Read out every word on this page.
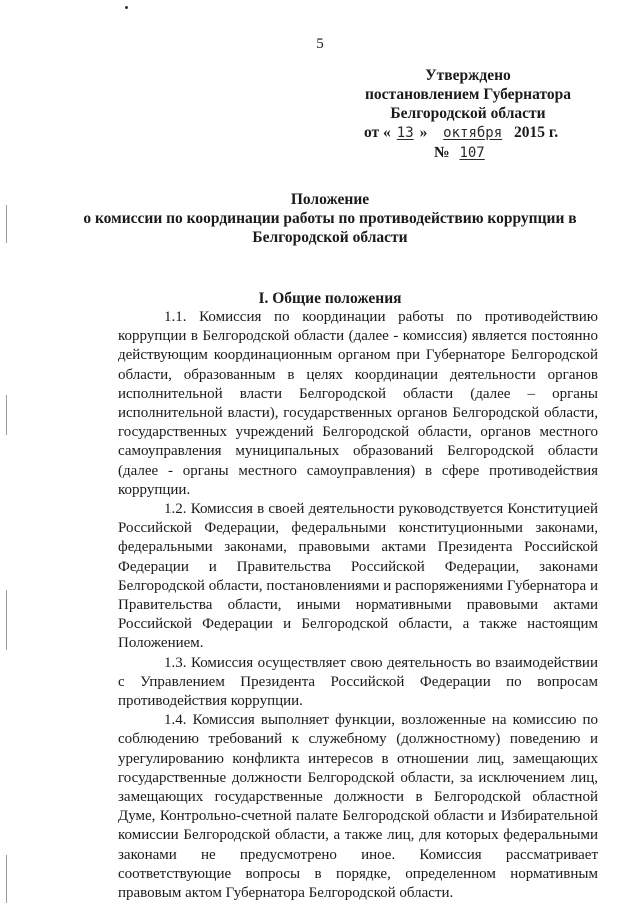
5
Утверждено
постановлением Губернатора
Белгородской области
от « 13 » октября 2015 г.
№ 107
Положение
о комиссии по координации работы по противодействию коррупции в
Белгородской области
I. Общие положения

1.1. Комиссия по координации работы по противодействию коррупции в Белгородской области (далее - комиссия) является постоянно действующим координационным органом при Губернаторе Белгородской области, образованным в целях координации деятельности органов исполнительной власти Белгородской области (далее – органы исполнительной власти), государственных органов Белгородской области, государственных учреждений Белгородской области, органов местного самоуправления муниципальных образований Белгородской области (далее - органы местного самоуправления) в сфере противодействия коррупции.

1.2. Комиссия в своей деятельности руководствуется Конституцией Российской Федерации, федеральными конституционными законами, федеральными законами, правовыми актами Президента Российской Федерации и Правительства Российской Федерации, законами Белгородской области, постановлениями и распоряжениями Губернатора и Правительства области, иными нормативными правовыми актами Российской Федерации и Белгородской области, а также настоящим Положением.

1.3. Комиссия осуществляет свою деятельность во взаимодействии с Управлением Президента Российской Федерации по вопросам противодействия коррупции.

1.4. Комиссия выполняет функции, возложенные на комиссию по соблюдению требований к служебному (должностному) поведению и урегулированию конфликта интересов в отношении лиц, замещающих государственные должности Белгородской области, за исключением лиц, замещающих государственные должности в Белгородской областной Думе, Контрольно-счетной палате Белгородской области и Избирательной комиссии Белгородской области, а также лиц, для которых федеральными законами не предусмотрено иное. Комиссия рассматривает соответствующие вопросы в порядке, определенном нормативным правовым актом Губернатора Белгородской области.
